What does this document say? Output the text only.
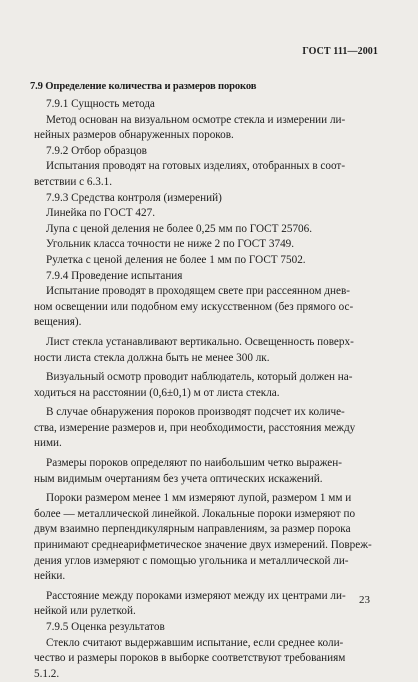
ГОСТ 111—2001
7.9 Определение количества и размеров пороков
7.9.1 Сущность метода
Метод основан на визуальном осмотре стекла и измерении ли-
нейных размеров обнаруженных пороков.
7.9.2 Отбор образцов
Испытания проводят на готовых изделиях, отобранных в соот-
ветствии с 6.3.1.
7.9.3 Средства контроля (измерений)
Линейка по ГОСТ 427.
Лупа с ценой деления не более 0,25 мм по ГОСТ 25706.
Угольник класса точности не ниже 2 по ГОСТ 3749.
Рулетка с ценой деления не более 1 мм по ГОСТ 7502.
7.9.4 Проведение испытания
Испытание проводят в проходящем свете при рассеянном днев-
ном освещении или подобном ему искусственном (без прямого ос-
вещения).
Лист стекла устанавливают вертикально. Освещенность поверх-
ности листа стекла должна быть не менее 300 лк.
Визуальный осмотр проводит наблюдатель, который должен на-
ходиться на расстоянии (0,6±0,1) м от листа стекла.
В случае обнаружения пороков производят подсчет их количе-
ства, измерение размеров и, при необходимости, расстояния между
ними.
Размеры пороков определяют по наибольшим четко выражен-
ным видимым очертаниям без учета оптических искажений.
Пороки размером менее 1 мм измеряют лупой, размером 1 мм и
более — металлической линейкой. Локальные пороки измеряют по
двум взаимно перпендикулярным направлениям, за размер порока
принимают среднеарифметическое значение двух измерений. Повреж-
дения углов измеряют с помощью угольника и металлической ли-
нейки.
Расстояние между пороками измеряют между их центрами ли-
нейкой или рулеткой.
7.9.5 Оценка результатов
Стекло считают выдержавшим испытание, если среднее коли-
чество и размеры пороков в выборке соответствуют требованиям
5.1.2.
23
